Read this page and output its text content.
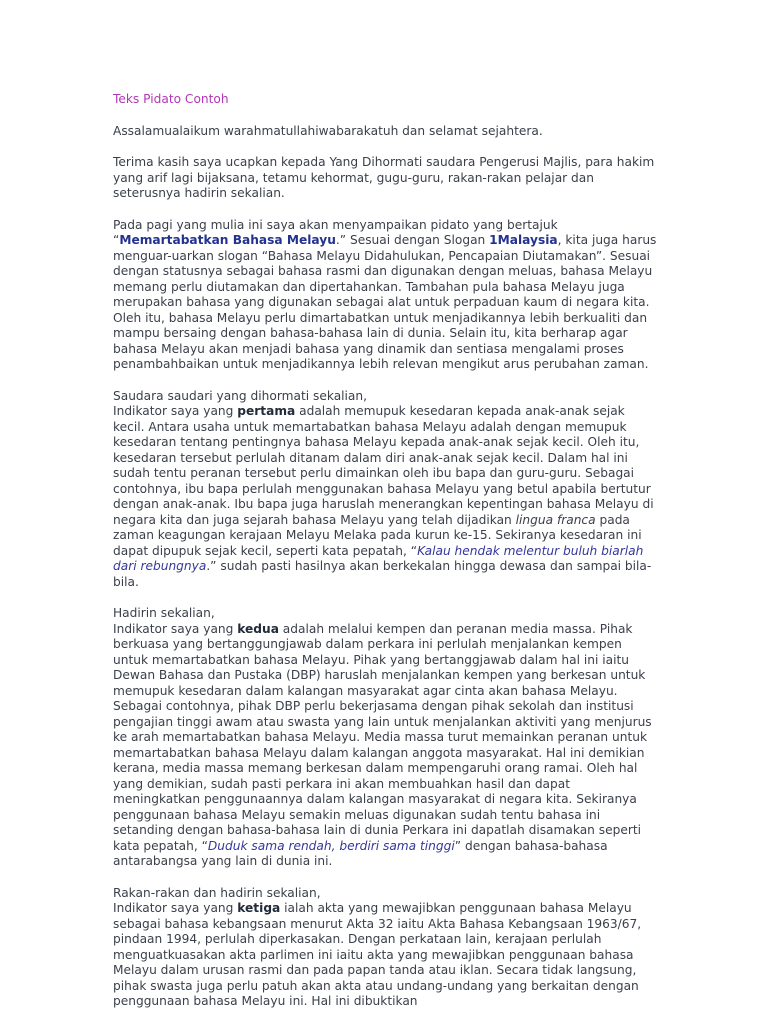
Teks Pidato Contoh

Assalamualaikum warahmatullahiwabarakatuh dan selamat sejahtera.

Terima kasih saya ucapkan kepada Yang Dihormati saudara Pengerusi Majlis, para hakim yang arif lagi bijaksana, tetamu kehormat, gugu-guru, rakan-rakan pelajar dan seterusnya hadirin sekalian.

Pada pagi yang mulia ini saya akan menyampaikan pidato yang bertajuk “Memartabatkan Bahasa Melayu.” Sesuai dengan Slogan 1Malaysia, kita juga harus menguar-uarkan slogan “Bahasa Melayu Didahulukan, Pencapaian Diutamakan”. Sesuai dengan statusnya sebagai bahasa rasmi dan digunakan dengan meluas, bahasa Melayu memang perlu diutamakan dan dipertahankan. Tambahan pula bahasa Melayu juga merupakan bahasa yang digunakan sebagai alat untuk perpaduan kaum di negara kita. Oleh itu, bahasa Melayu perlu dimartabatkan untuk menjadikannya lebih berkualiti dan mampu bersaing dengan bahasa-bahasa lain di dunia. Selain itu, kita berharap agar bahasa Melayu akan menjadi bahasa yang dinamik dan sentiasa mengalami proses penambahbaikan untuk menjadikannya lebih relevan mengikut arus perubahan zaman.

Saudara saudari yang dihormati sekalian,
Indikator saya yang pertama adalah memupuk kesedaran kepada anak-anak sejak kecil. Antara usaha untuk memartabatkan bahasa Melayu adalah dengan memupuk kesedaran tentang pentingnya bahasa Melayu kepada anak-anak sejak kecil. Oleh itu, kesedaran tersebut perlulah ditanam dalam diri anak-anak sejak kecil. Dalam hal ini sudah tentu peranan tersebut perlu dimainkan oleh ibu bapa dan guru-guru. Sebagai contohnya, ibu bapa perlulah menggunakan bahasa Melayu yang betul apabila bertutur dengan anak-anak. Ibu bapa juga haruslah menerangkan kepentingan bahasa Melayu di negara kita dan juga sejarah bahasa Melayu yang telah dijadikan lingua franca pada zaman keagungan kerajaan Melayu Melaka pada kurun ke-15. Sekiranya kesedaran ini dapat dipupuk sejak kecil, seperti kata pepatah, “Kalau hendak melentur buluh biarlah dari rebungnya.” sudah pasti hasilnya akan berkekalan hingga dewasa dan sampai bila-bila.

Hadirin sekalian,
Indikator saya yang kedua adalah melalui kempen dan peranan media massa. Pihak berkuasa yang bertanggungjawab dalam perkara ini perlulah menjalankan kempen untuk memartabatkan bahasa Melayu. Pihak yang bertanggjawab dalam hal ini iaitu Dewan Bahasa dan Pustaka (DBP) haruslah menjalankan kempen yang berkesan untuk memupuk kesedaran dalam kalangan masyarakat agar cinta akan bahasa Melayu. Sebagai contohnya, pihak DBP perlu bekerjasama dengan pihak sekolah dan institusi pengajian tinggi awam atau swasta yang lain untuk menjalankan aktiviti yang menjurus ke arah memartabatkan bahasa Melayu. Media massa turut memainkan peranan untuk memartabatkan bahasa Melayu dalam kalangan anggota masyarakat. Hal ini demikian kerana, media massa memang berkesan dalam mempengaruhi orang ramai. Oleh hal yang demikian, sudah pasti perkara ini akan membuahkan hasil dan dapat meningkatkan penggunaannya dalam kalangan masyarakat di negara kita. Sekiranya penggunaan bahasa Melayu semakin meluas digunakan sudah tentu bahasa ini setanding dengan bahasa-bahasa lain di dunia Perkara ini dapatlah disamakan seperti kata pepatah, “Duduk sama rendah, berdiri sama tinggi” dengan bahasa-bahasa antarabangsa yang lain di dunia ini.

Rakan-rakan dan hadirin sekalian,
Indikator saya yang ketiga ialah akta yang mewajibkan penggunaan bahasa Melayu sebagai bahasa kebangsaan menurut Akta 32 iaitu Akta Bahasa Kebangsaan 1963/67, pindaan 1994, perlulah diperkasakan. Dengan perkataan lain, kerajaan perlulah menguatkuasakan akta parlimen ini iaitu akta yang mewajibkan penggunaan bahasa Melayu dalam urusan rasmi dan pada papan tanda atau iklan. Secara tidak langsung, pihak swasta juga perlu patuh akan akta atau undang-undang yang berkaitan dengan penggunaan bahasa Melayu ini. Hal ini dibuktikan
